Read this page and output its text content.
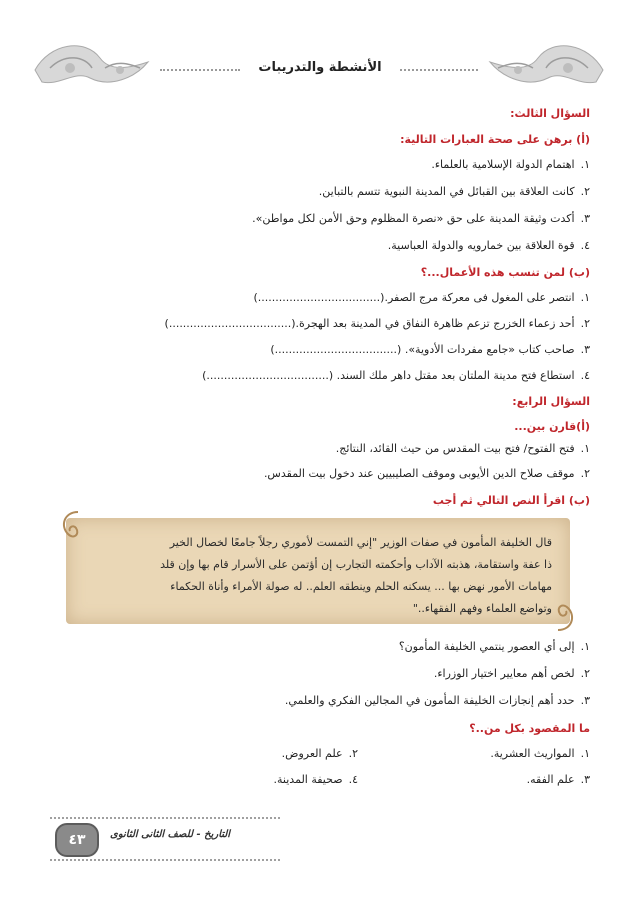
الأنشطة والتدريبات
السؤال الثالث:
(أ) برهن على صحة العبارات التالية:
١.اهتمام الدولة الإسلامية بالعلماء.
٢.كانت العلاقة بين القبائل في المدينة النبوية تتسم بالتباين.
٣.أكدت وثيقة المدينة على حق «نصرة المظلوم وحق الأمن لكل مواطن».
٤.قوة العلاقة بين خمارويه والدولة العباسية.
(ب) لمن تنسب هذه الأعمال...؟
١.انتصر على المغول فى معركة مرج الصفر.(...................................)
٢.أحد زعماء الخزرج تزعم ظاهرة النفاق في المدينة بعد الهجرة.(...................................)
٣.صاحب كتاب «جامع مفردات الأدوية». (...................................)
٤.استطاع فتح مدينة الملتان بعد مقتل داهر ملك السند. (...................................)
السؤال الرابع:
(أ)قارن بين...
١.فتح الفتوح/ فتح بيت المقدس من حيث القائد، النتائج.
٢.موقف صلاح الدين الأيوبى وموقف الصليبيين عند دخول بيت المقدس.
(ب) اقرأ النص التالي ثم أجب
قال الخليفة المأمون في صفات الوزير "إني التمست لأموري رجلاً جامعًا لخصال الخير
ذا عفة واستقامة، هذبته الآداب وأحكمته التجارب إن أؤتمن على الأسرار قام بها وإن قلد
مهامات الأمور نهض بها ... يسكنه الحلم وينطقه العلم.. له صولة الأمراء وأناة الحكماء
وتواضع العلماء وفهم الفقهاء.."
١.إلى أي العصور ينتمي الخليفة المأمون؟
٢.لخص أهم معايير اختيار الوزراء.
٣.حدد أهم إنجازات الخليفة المأمون في المجالين الفكري والعلمي.
ما المقصود بكل من..؟
١.المواريث العشرية.
٢.علم العروض.
٣.علم الفقه.
٤.صحيفة المدينة.
٤٣	التاريخ - للصف الثانى الثانوى
